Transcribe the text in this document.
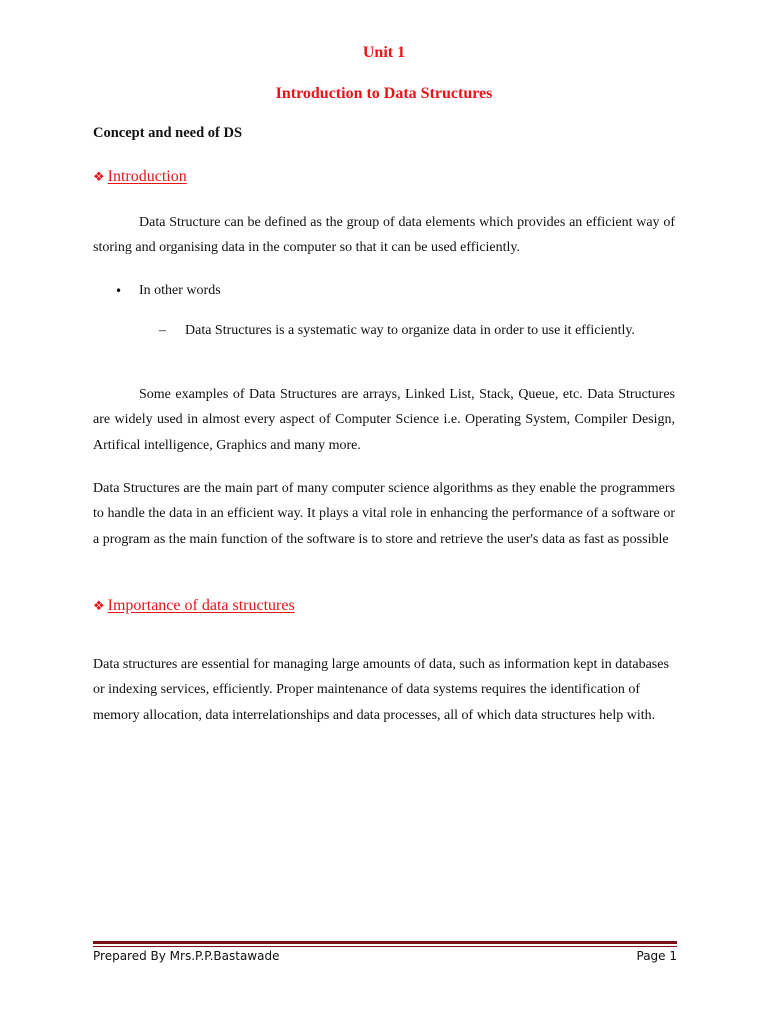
Unit 1
Introduction to Data Structures
Concept and need of DS
❖ Introduction
Data Structure can be defined as the group of data elements which provides an efficient way of storing and organising data in the computer so that it can be used efficiently.
• In other words
– Data Structures is a systematic way to organize data in order to use it efficiently.
Some examples of Data Structures are arrays, Linked List, Stack, Queue, etc. Data Structures are widely used in almost every aspect of Computer Science i.e. Operating System, Compiler Design, Artifical intelligence, Graphics and many more.
Data Structures are the main part of many computer science algorithms as they enable the programmers to handle the data in an efficient way. It plays a vital role in enhancing the performance of a software or a program as the main function of the software is to store and retrieve the user's data as fast as possible
❖ Importance of data structures
Data structures are essential for managing large amounts of data, such as information kept in databases or indexing services, efficiently. Proper maintenance of data systems requires the identification of memory allocation, data interrelationships and data processes, all of which data structures help with.
Prepared By Mrs.P.P.Bastawade	Page 1
